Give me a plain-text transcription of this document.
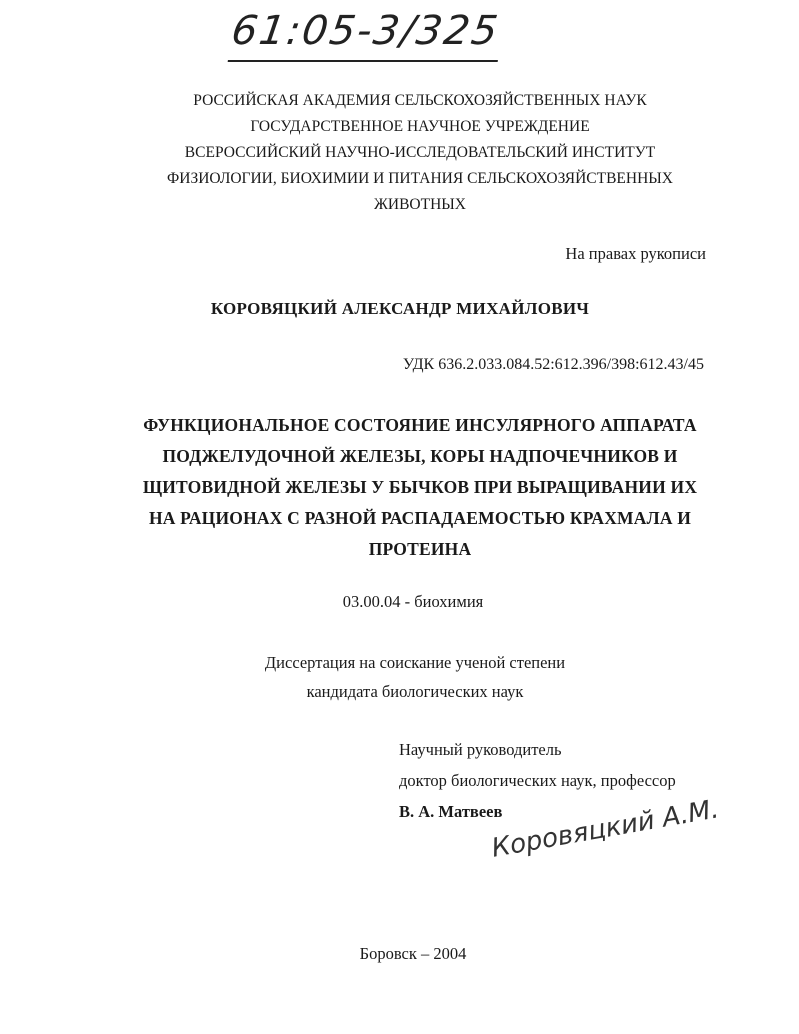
61:05-3/325
РОССИЙСКАЯ АКАДЕМИЯ СЕЛЬСКОХОЗЯЙСТВЕННЫХ НАУК
ГОСУДАРСТВЕННОЕ НАУЧНОЕ УЧРЕЖДЕНИЕ
ВСЕРОССИЙСКИЙ НАУЧНО-ИССЛЕДОВАТЕЛЬСКИЙ ИНСТИТУТ
ФИЗИОЛОГИИ, БИОХИМИИ И ПИТАНИЯ СЕЛЬСКОХОЗЯЙСТВЕННЫХ
ЖИВОТНЫХ
На правах рукописи
КОРОВЯЦКИЙ АЛЕКСАНДР МИХАЙЛОВИЧ
УДК 636.2.033.084.52:612.396/398:612.43/45
ФУНКЦИОНАЛЬНОЕ СОСТОЯНИЕ ИНСУЛЯРНОГО АППАРАТА
ПОДЖЕЛУДОЧНОЙ ЖЕЛЕЗЫ, КОРЫ НАДПОЧЕЧНИКОВ И
ЩИТОВИДНОЙ ЖЕЛЕЗЫ У БЫЧКОВ ПРИ ВЫРАЩИВАНИИ ИХ
НА РАЦИОНАХ С РАЗНОЙ РАСПАДАЕМОСТЬЮ КРАХМАЛА И
ПРОТЕИНА
03.00.04 - биохимия
Диссертация на соискание ученой степени
кандидата биологических наук
Научный руководитель
доктор биологических наук, профессор
В. А. Матвеев
Коровяцкий А.М.
Боровск – 2004
